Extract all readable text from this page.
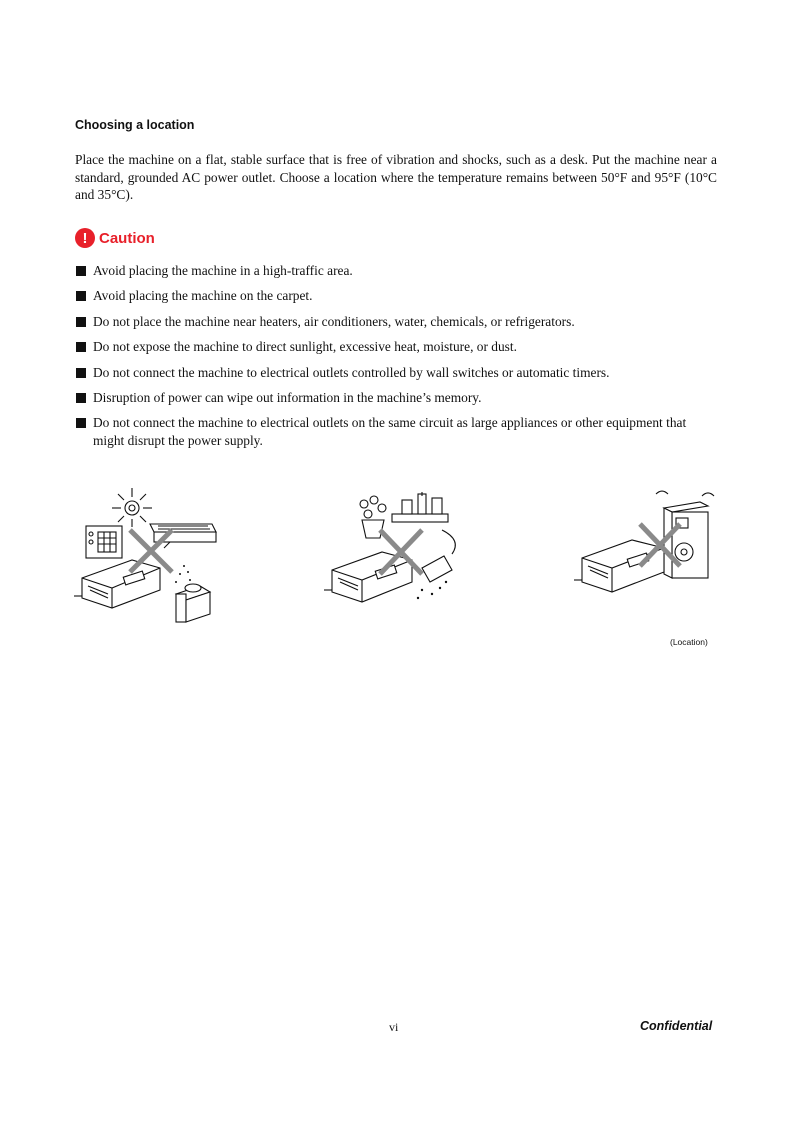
Choosing a location

Place the machine on a flat, stable surface that is free of vibration and shocks, such as a desk. Put the machine near a standard, grounded AC power outlet. Choose a location where the temperature remains between 50°F and 95°F (10°C and 35°C).

! Caution
Avoid placing the machine in a high-traffic area.
Avoid placing the machine on the carpet.
Do not place the machine near heaters, air conditioners, water, chemicals, or refrigerators.
Do not expose the machine to direct sunlight, excessive heat, moisture, or dust.
Do not connect the machine to electrical outlets controlled by wall switches or automatic timers.
Disruption of power can wipe out information in the machine’s memory.
Do not connect the machine to electrical outlets on the same circuit as large appliances or other equipment that might disrupt the power supply.
(Location)
vi	Confidential
